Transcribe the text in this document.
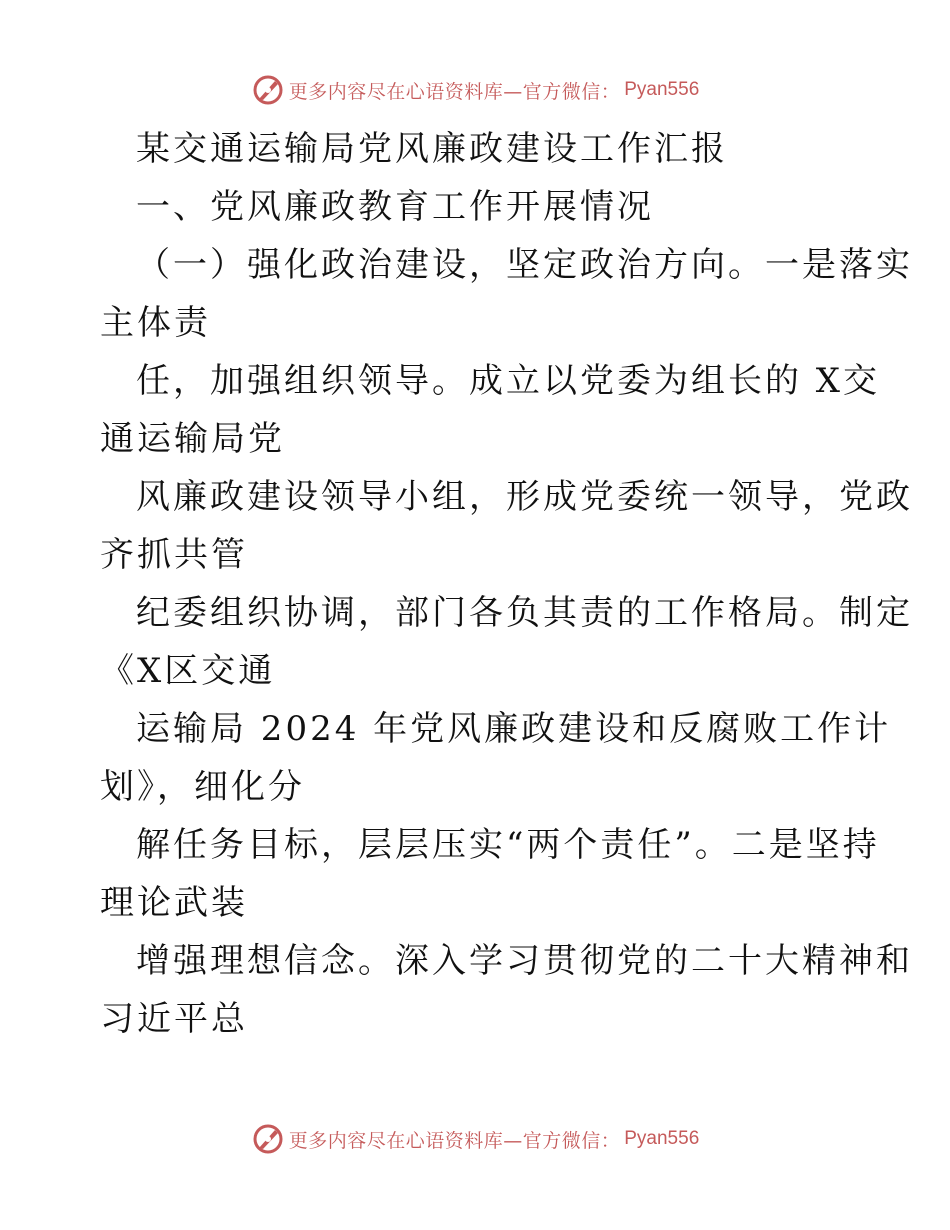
更多内容尽在心语资料库—官方微信： Pyan556
某交通运输局党风廉政建设工作汇报
一、党风廉政教育工作开展情况
（一）强化政治建设，坚定政治方向。一是落实
主体责
任，加强组织领导。成立以党委为组长的 X交
通运输局党
风廉政建设领导小组，形成党委统一领导，党政
齐抓共管
纪委组织协调，部门各负其责的工作格局。制定
《X区交通
运输局 2024 年党风廉政建设和反腐败工作计
划》，细化分
解任务目标，层层压实“两个责任”。二是坚持
理论武装
增强理想信念。深入学习贯彻党的二十大精神和
习近平总
更多内容尽在心语资料库—官方微信： Pyan556
